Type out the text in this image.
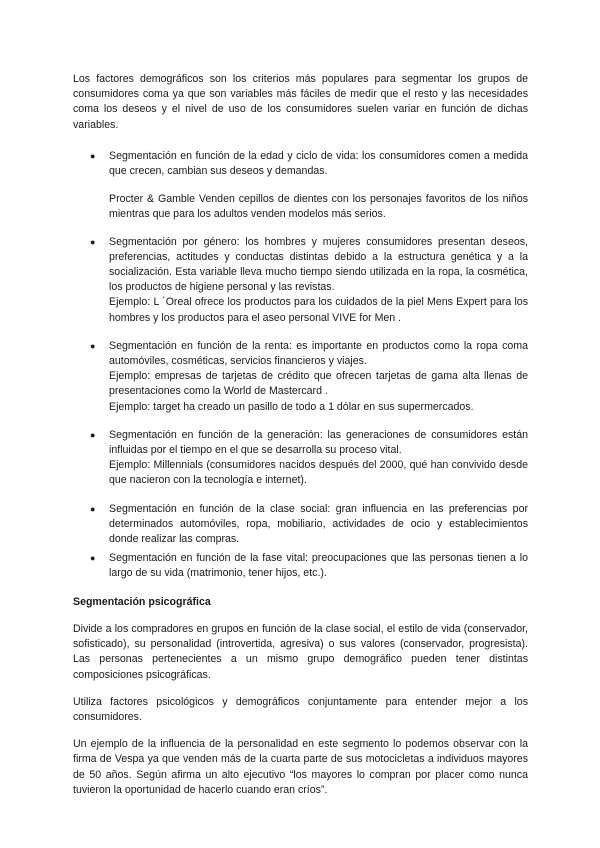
Los factores demográficos son los criterios más populares para segmentar los grupos de consumidores coma ya que son variables más fáciles de medir que el resto y las necesidades coma los deseos y el nivel de uso de los consumidores suelen variar en función de dichas variables.

● Segmentación en función de la edad y ciclo de vida: los consumidores comen a medida que crecen, cambian sus deseos y demandas.

Procter & Gamble Venden cepillos de dientes con los personajes favoritos de los niños mientras que para los adultos venden modelos más serios.

● Segmentación por género: los hombres y mujeres consumidores presentan deseos, preferencias, actitudes y conductas distintas debido a la estructura genética y a la socialización. Esta variable lleva mucho tiempo siendo utilizada en la ropa, la cosmética, los productos de higiene personal y las revistas.

Ejemplo: L ´Oreal ofrece los productos para los cuidados de la piel Mens Expert para los hombres y los productos para el aseo personal VIVE for Men .

● Segmentación en función de la renta: es importante en productos como la ropa coma automóviles, cosméticas, servicios financieros y viajes.

Ejemplo: empresas de tarjetas de crédito que ofrecen tarjetas de gama alta llenas de presentaciones como la World de Mastercard .

Ejemplo: target ha creado un pasillo de todo a 1 dólar en sus supermercados.

● Segmentación en función de la generación: las generaciones de consumidores están influidas por el tiempo en el que se desarrolla su proceso vital.

Ejemplo: Millennials (consumidores nacidos después del 2000, qué han convivido desde que nacieron con la tecnología e internet).

● Segmentación en función de la clase social: gran influencia en las preferencias por determinados automóviles, ropa, mobiliario, actividades de ocio y establecimientos donde realizar las compras.

● Segmentación en función de la fase vital: preocupaciones que las personas tienen a lo largo de su vida (matrimonio, tener hijos, etc.).

Segmentación psicográfica

Divide a los compradores en grupos en función de la clase social, el estilo de vida (conservador, sofisticado), su personalidad (introvertida, agresiva) o sus valores (conservador, progresista). Las personas pertenecientes a un mismo grupo demográfico pueden tener distintas composiciones psicográficas.

Utiliza factores psicológicos y demográficos conjuntamente para entender mejor a los consumidores.

Un ejemplo de la influencia de la personalidad en este segmento lo podemos observar con la firma de Vespa ya que venden más de la cuarta parte de sus motocicletas a individuos mayores de 50 años. Según afirma un alto ejecutivo “los mayores lo compran por placer como nunca tuvieron la oportunidad de hacerlo cuando eran críos”.
